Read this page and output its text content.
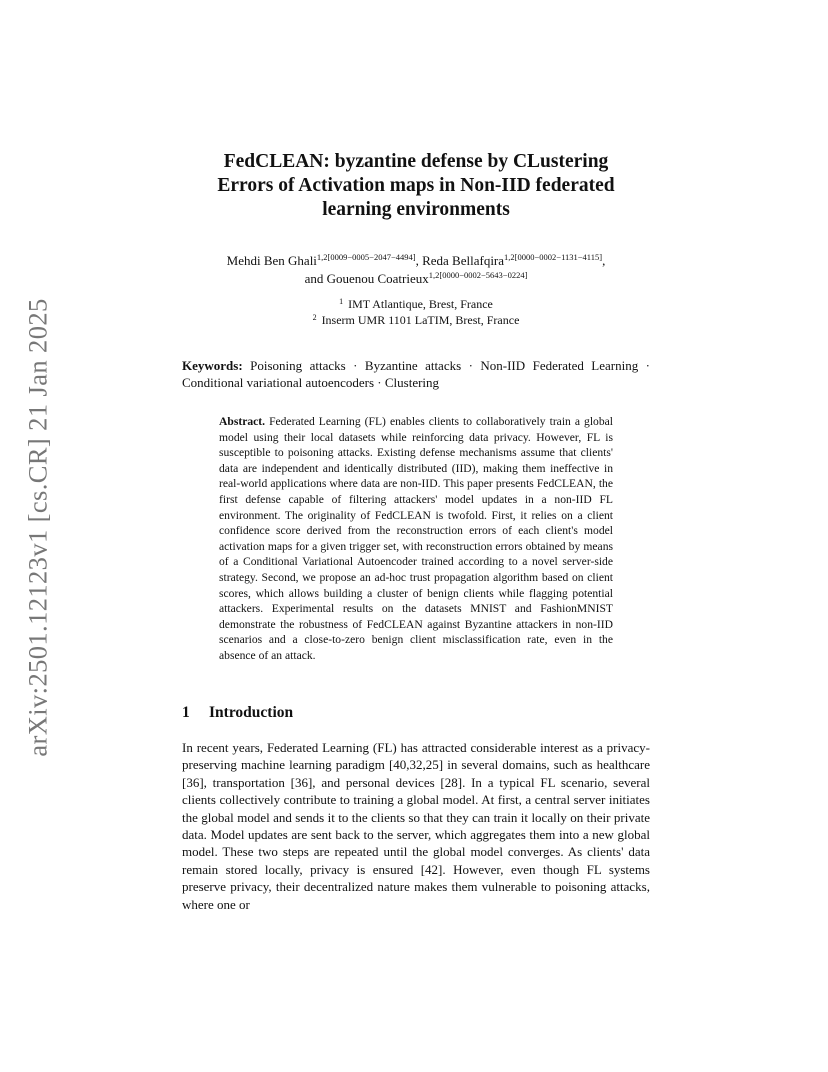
arXiv:2501.12123v1 [cs.CR] 21 Jan 2025
FedCLEAN: byzantine defense by CLustering
Errors of Activation maps in Non-IID federated
learning environments
Mehdi Ben Ghali$^{1,2[0009-0005-2047-4494]}$, Reda Bellafqira$^{1,2[0000-0002-1131-4115]}$,
and Gouenou Coatrieux$^{1,2[0000-0002-5643-0224]}$
$^1$ IMT Atlantique, Brest, France
$^2$ Inserm UMR 1101 LaTIM, Brest, France
Keywords: Poisoning attacks · Byzantine attacks · Non-IID Federated Learning · Conditional variational autoencoders · Clustering
Abstract. Federated Learning (FL) enables clients to collaboratively train a global model using their local datasets while reinforcing data privacy. However, FL is susceptible to poisoning attacks. Existing defense mechanisms assume that clients' data are independent and identically distributed (IID), making them ineffective in real-world applications where data are non-IID. This paper presents FedCLEAN, the first defense capable of filtering attackers' model updates in a non-IID FL environment. The originality of FedCLEAN is twofold. First, it relies on a client confidence score derived from the reconstruction errors of each client's model activation maps for a given trigger set, with reconstruction errors obtained by means of a Conditional Variational Autoencoder trained according to a novel server-side strategy. Second, we propose an ad-hoc trust propagation algorithm based on client scores, which allows building a cluster of benign clients while flagging potential attackers. Experimental results on the datasets MNIST and FashionMNIST demonstrate the robustness of FedCLEAN against Byzantine attackers in non-IID scenarios and a close-to-zero benign client misclassification rate, even in the absence of an attack.
1 Introduction

In recent years, Federated Learning (FL) has attracted considerable interest as a privacy-preserving machine learning paradigm [40,32,25] in several domains, such as healthcare [36], transportation [36], and personal devices [28]. In a typical FL scenario, several clients collectively contribute to training a global model. At first, a central server initiates the global model and sends it to the clients so that they can train it locally on their private data. Model updates are sent back to the server, which aggregates them into a new global model. These two steps are repeated until the global model converges. As clients' data remain stored locally, privacy is ensured [42]. However, even though FL systems preserve privacy, their decentralized nature makes them vulnerable to poisoning attacks, where one or
